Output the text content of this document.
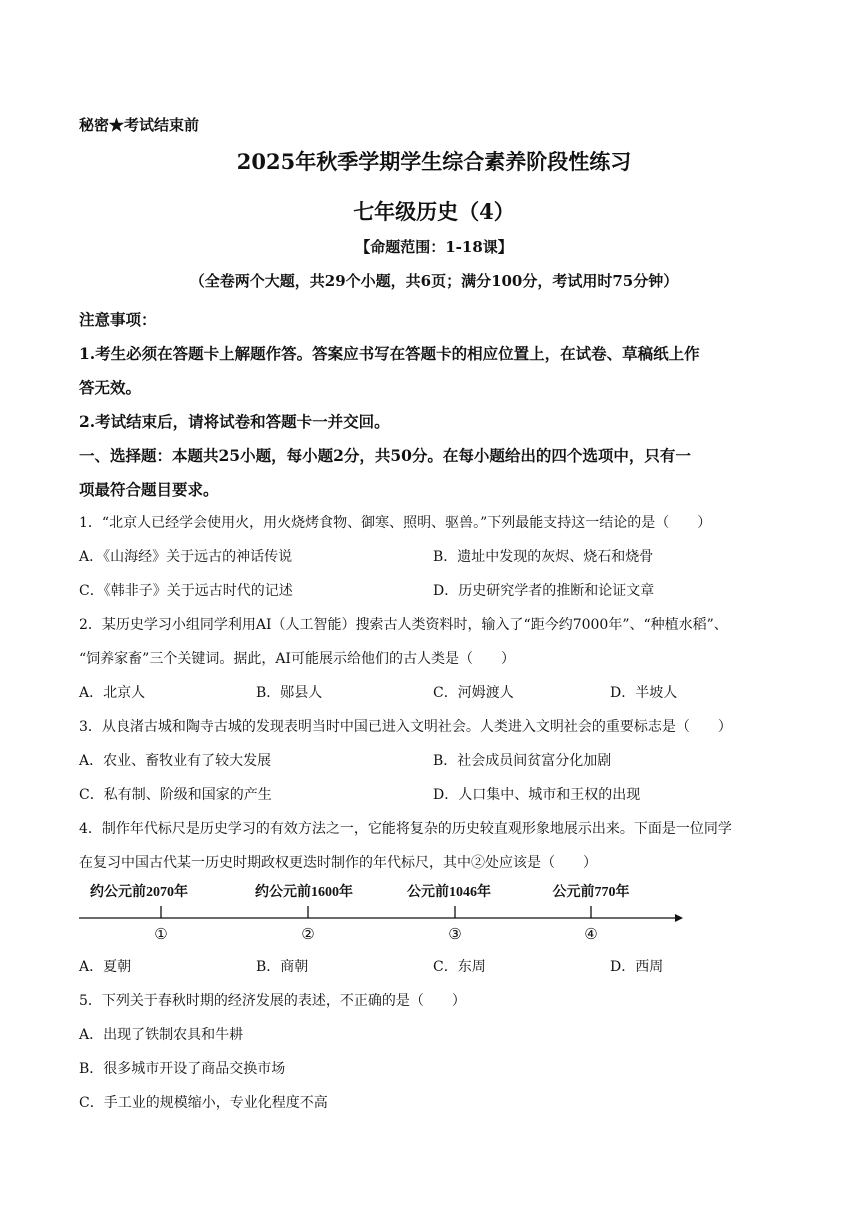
秘密★考试结束前
2025年秋季学期学生综合素养阶段性练习
七年级历史（4）
【命题范围：1-18课】
（全卷两个大题，共29个小题，共6页；满分100分，考试用时75分钟）
注意事项：
1.考生必须在答题卡上解题作答。答案应书写在答题卡的相应位置上，在试卷、草稿纸上作
答无效。
2.考试结束后，请将试卷和答题卡一并交回。
一、选择题：本题共25小题，每小题2分，共50分。在每小题给出的四个选项中，只有一
项最符合题目要求。
1．“北京人已经学会使用火，用火烧烤食物、御寒、照明、驱兽。”下列最能支持这一结论的是（　　）
A．《山海经》关于远古的神话传说	B．遗址中发现的灰烬、烧石和烧骨
C．《韩非子》关于远古时代的记述	D．历史研究学者的推断和论证文章
2．某历史学习小组同学利用AI（人工智能）搜索古人类资料时，输入了“距今约7000年”、“种植水稻”、
“饲养家畜”三个关键词。据此，AI可能展示给他们的古人类是（　　）
A．北京人	B．郧县人	C．河姆渡人	D．半坡人
3．从良渚古城和陶寺古城的发现表明当时中国已进入文明社会。人类进入文明社会的重要标志是（　　）
A．农业、畜牧业有了较大发展	B．社会成员间贫富分化加剧
C．私有制、阶级和国家的产生	D．人口集中、城市和王权的出现
4．制作年代标尺是历史学习的有效方法之一，它能将复杂的历史较直观形象地展示出来。下面是一位同学
在复习中国古代某一历史时期政权更迭时制作的年代标尺，其中②处应该是（　　）
约公元前2070年	约公元前1600年	公元前1046年	公元前770年
①	②	③	④
A．夏朝	B．商朝	C．东周	D．西周
5．下列关于春秋时期的经济发展的表述，不正确的是（　　）
A．出现了铁制农具和牛耕
B．很多城市开设了商品交换市场
C．手工业的规模缩小，专业化程度不高
